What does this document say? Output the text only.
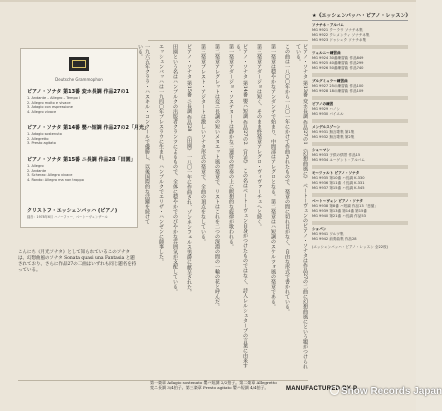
Deutsche Grammophon
ピアノ・ソナタ 第13番 変ホ長調 作品27の1
1. Andante – Allegro – Tempo I
2. Allegro molto e vivace
3. Adagio con espressione
4. Allegro vivace
ピアノ・ソナタ 第14番 嬰ハ短調 作品27の2「月光」
1. Adagio sostenuto
2. Allegretto
3. Presto agitato
ピアノ・ソナタ 第15番 ニ長調 作品28「田園」
1. Allegro
2. Andante
3. Scherzo: Allegro vivace
4. Rondo: Allegro ma non troppo
クリストフ・エッシェンバッハ (ピアノ)
録音：1978年6月 ハノーファー、ベートーヴェンザール	ピアノ・ソナタ 第13番 変ホ長調 作品27の1 《幻想曲風に》 ベートーヴェンのピアノ・ソナタは作品27の二曲に幻想曲風にという題がつけられている。
この曲は一八〇〇年から一八〇一年にかけて作曲されたもので、楽章の間に切れ目がなく、自由な形式で書かれている。
第一楽章は穏やかなアンダンテで始まり、中間部はアレグロとなる。第二楽章はハ短調のスケルツォ風の楽章である。
第三楽章アダージョは短く、そのまま終楽章アレグロ・ヴィヴァーチェへと続く。
ピアノ・ソナタ 第14番 嬰ハ短調 作品27の2 《月光》 この名はベートーヴェン自身がつけたものではなく、詩人レルシュタープの言葉に由来する。
第一楽章アダージョ・ソステヌートは静かな三連符の伴奏の上に瞑想的な旋律が歌われる。
第二楽章アレグレットは変ニ長調の短いメヌエット風の楽章で、リストはこれを二つの深淵の間の一輪の花と呼んだ。
第三楽章プレスト・アジタートは激しいソナタ形式の楽章で、全曲の頂点をなしている。
ピアノ・ソナタ 第15番 ニ長調 作品28 《田園》 一八〇一年に作曲され、ゾンネンフェルス男爵に献呈された。
田園という名はハンブルクの出版者クランツによるもので、全体に穏やかでのびやかな雰囲気が支配している。
エッシェンバッハは一九四〇年ブレスラウに生まれ、ハンブルクでエリザ・ハンゼンに師事した。
一九六五年クララ・ハスキル・コンクールで優勝し、以後国際的な活躍を続けている。
こんにち《月光ソナタ》として知られているこのソナタは、幻想曲風のソナタ Sonata quasi una Fantasia と題されており、さらに作品27の二曲はいずれも同じ題名を持っている。
第一楽章 Adagio sostenuto 嬰ハ短調 2/2拍子。第二楽章 Allegretto 変ニ長調 3/4拍子。第三楽章 Presto agitato 嬰ハ短調 4/4拍子。
★《エッシェンバッハ・ピアノ・レッスン》
ソナチネ・アルバム
MG 9921 クーラウ ソナチネ集
MG 9922 クレメンティ ソナチネ集
MG 9923 ドゥシェク ソナチネ集
ツェルニー練習曲
MG 9924 30番練習曲 作品849
MG 9925 40番練習曲 作品299
MG 9926 50番練習曲 作品740
ブルグミュラー練習曲
MG 9927 25の練習曲 作品100
MG 9928 18の練習曲 作品109
ピアノの練習
MG 9929 ハノン
MG 9930 バイエル
メンデルスゾーン
MG 9931 無言歌集 第1集
MG 9932 無言歌集 第2集
シューマン
MG 9933 子供の情景 作品15
MG 9934 ユーゲント・アルバム
モーツァルト ピアノ・ソナタ
MG 9935 第10番 ハ長調 K.330
MG 9936 第11番 イ長調 K.331
MG 9937 第15番 ハ長調 K.545
ベートーヴェン ピアノ・ソナタ
MG 9938 第8番 ハ短調 作品13「悲愴」
MG 9939 第13番 第14番 第15番
MG 9940 第21番 ハ長調 作品53
ショパン
MG 9941 ワルツ集
MG 9942 前奏曲集 作品28
(エッシェンバッハ・ピアノ・レッスン 全22枚)
MANUFACTURED BY P
Snow Records Japan
